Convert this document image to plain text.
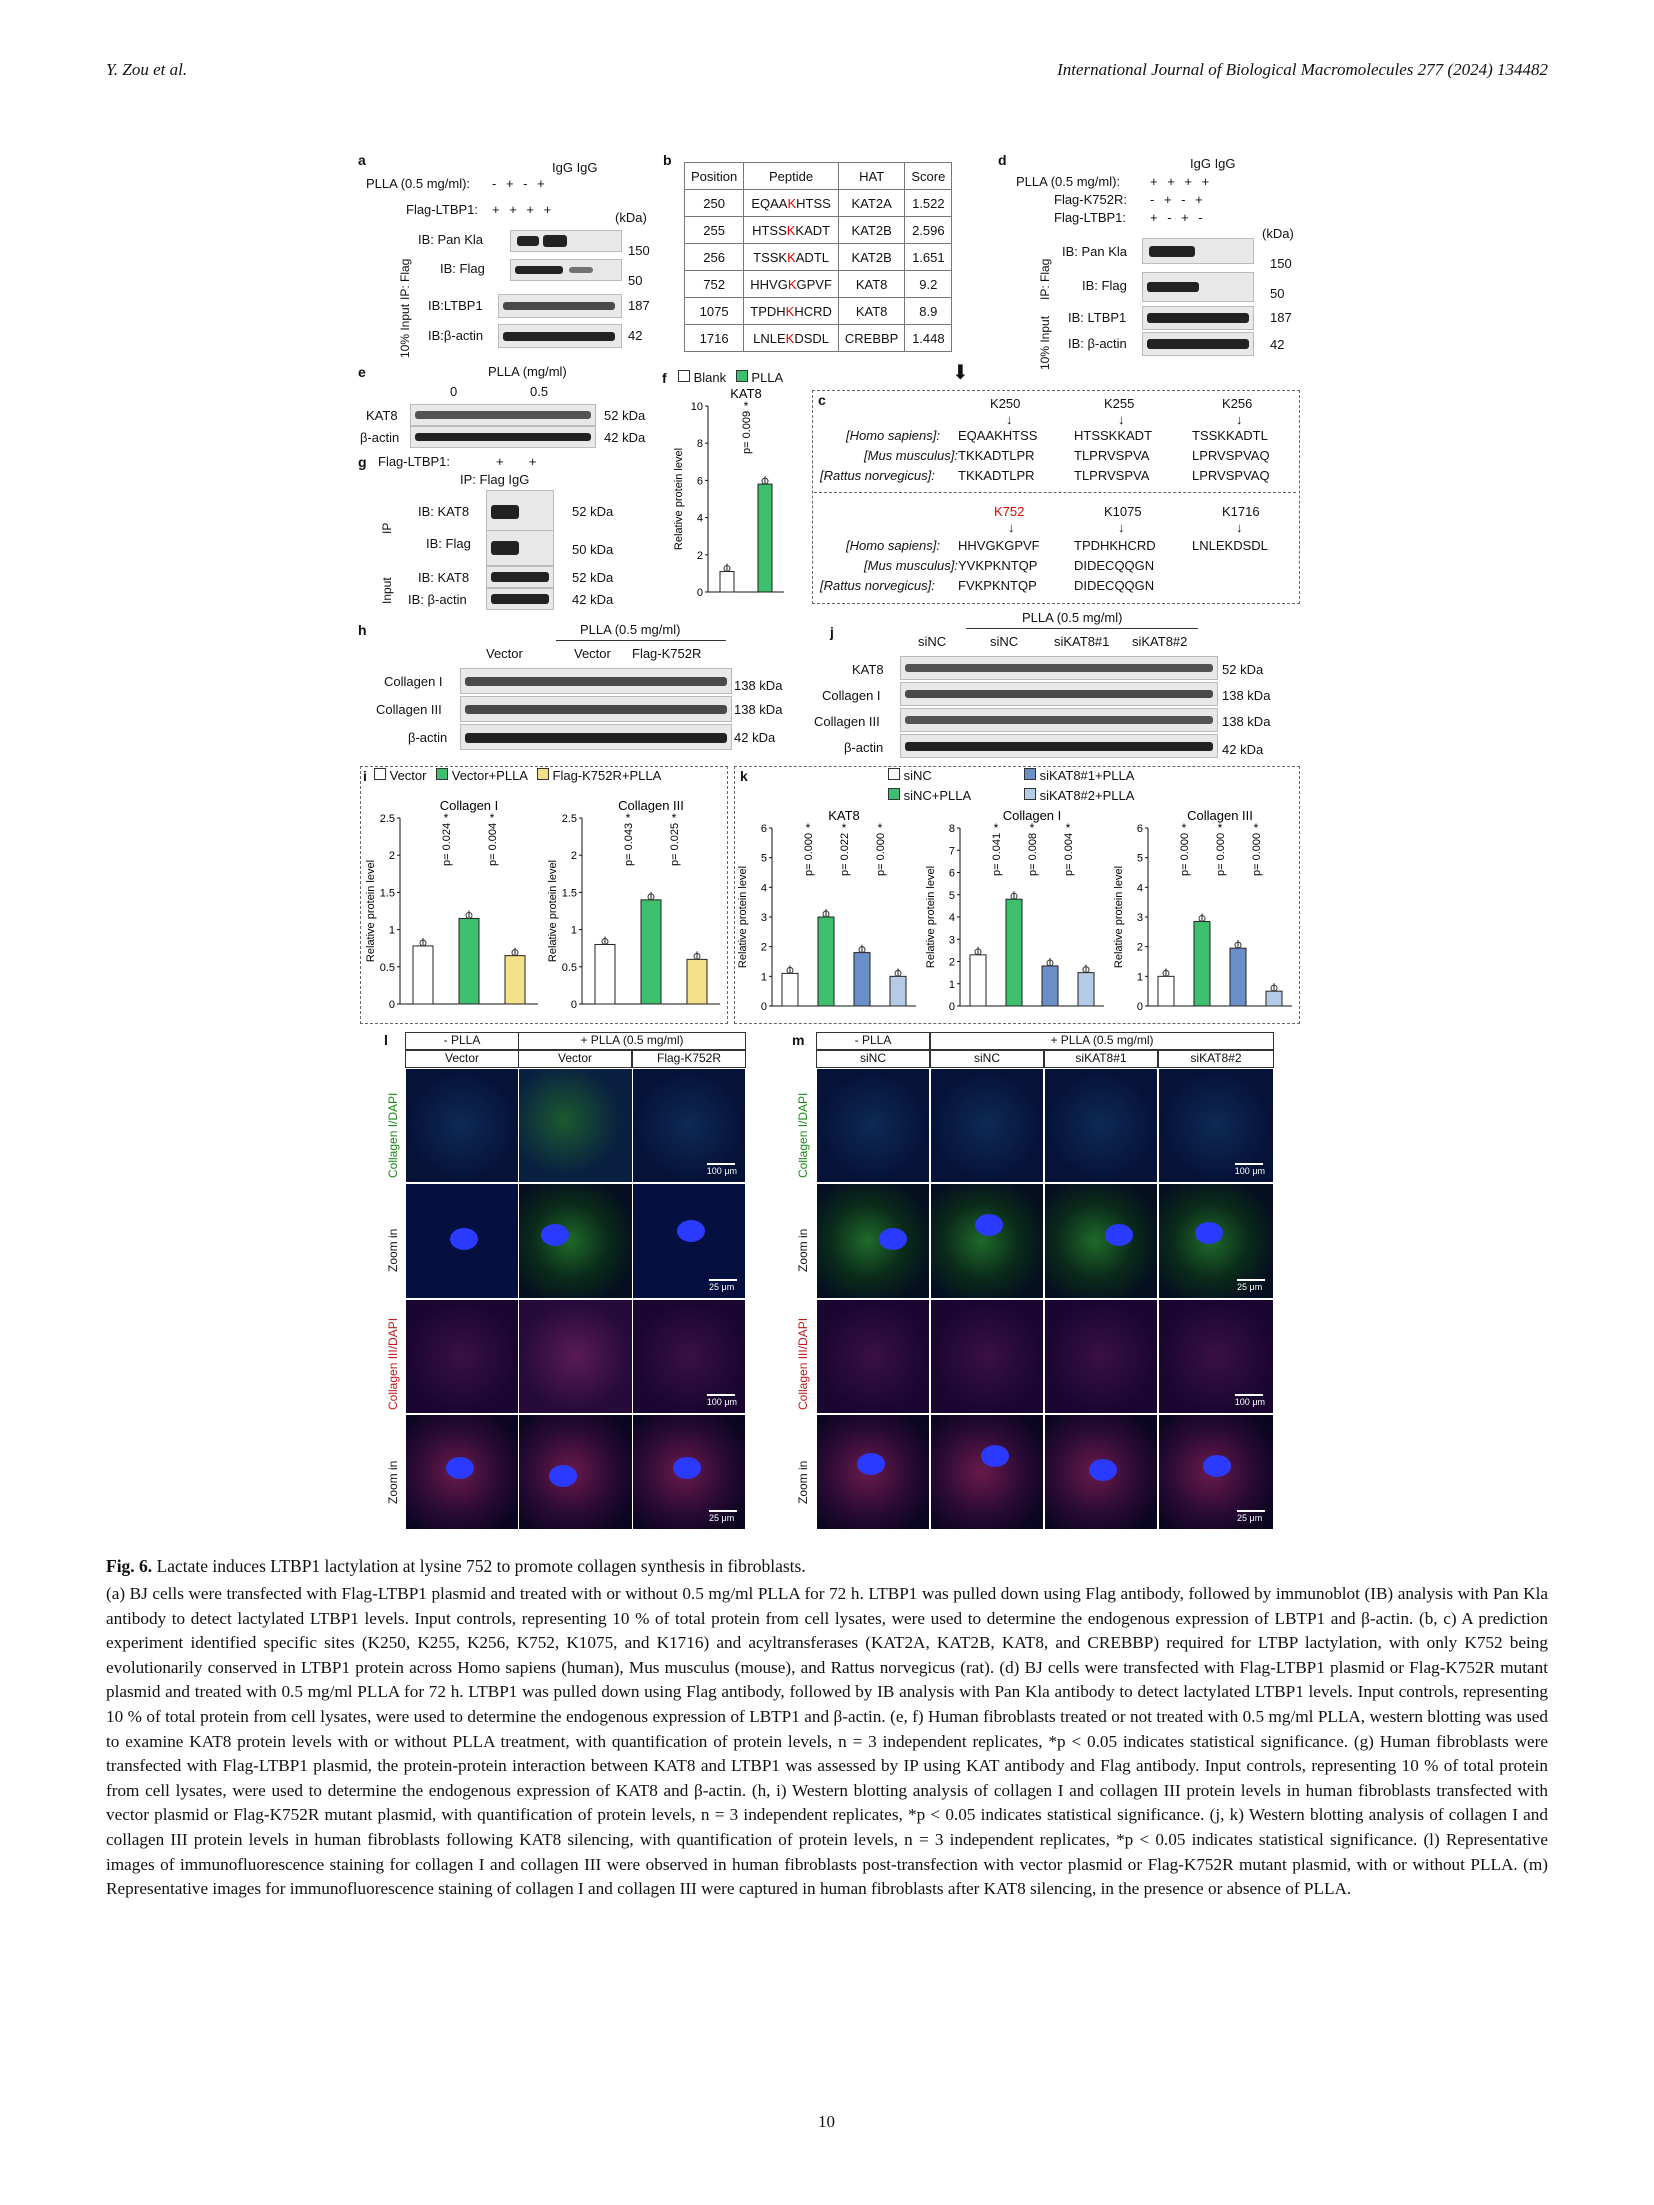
Y. Zou et al.	International Journal of Biological Macromolecules 277 (2024) 134482
a	IgG IgG
PLLA (0.5 mg/ml): - + - +
Flag-LTBP1: + + + +
(kDa)
IP: Flag
10% Input
IB: Pan Kla
150
IB: Flag
50
IB:LTBP1	187
IB:β-actin	42
b
Position	Peptide	HAT	Score
250	EQAAKHTSS	KAT2A	1.522
255	HTSSKKADT	KAT2B	2.596
256	TSSKKADTL	KAT2B	1.651
752	HHVGKGPVF	KAT8	9.2
1075	TPDHKHCRD	KAT8	8.9
1716	LNLEKDSDL	CREBBP	1.448
⬇
d	IgG IgG
PLLA (0.5 mg/ml): + + + +
Flag-K752R: - + - +
Flag-LTBP1: + - + -
(kDa)
IP: Flag
10% Input
IB: Pan Kla
150
IB: Flag
50
IB: LTBP1	187
IB: β-actin	42
e	PLLA (mg/ml)
0	0.5
KAT8	52 kDa
β-actin	42 kDa
g Flag-LTBP1:	+       +
IP: Flag IgG
IP
Input
IB: KAT8	52 kDa
IB: Flag	50 kDa
IB: KAT8	52 kDa
IB: β-actin	42 kDa
f	Blank PLLA
KAT8
Relative protein level
0
2
4
6
8
10
p= 0.009
*	c	K250	K255	K256
↓	↓	↓
[Homo sapiens]: EQAAKHTSS	HTSSKKADT	TSSKKADTL
[Mus musculus]: TKKADTLPR	TLPRVSPVA	LPRVSPVAQ
[Rattus norvegicus]: TKKADTLPR	TLPRVSPVA	LPRVSPVAQ
K752	K1075	K1716
↓	↓	↓
[Homo sapiens]: HHVGKGPVF	TPDHKHCRD	LNLEKDSDL
[Mus musculus]: YVKPKNTQP	DIDECQQGN
[Rattus norvegicus]: FVKPKNTQP	DIDECQQGN
h	PLLA (0.5 mg/ml)
Vector	Vector Flag-K752R
Collagen I	138 kDa
Collagen III	138 kDa
β-actin	42 kDa
j
PLLA (0.5 mg/ml)
siNC	siNC	siKAT8#1 siKAT8#2
KAT8	52 kDa
Collagen I	138 kDa
Collagen III	138 kDa
β-actin	42 kDa
i	Vector Vector+PLLA Flag-K752R+PLLA
Collagen I
Relative protein level
0
0.5
1
1.5
2
2.5
p= 0.024
*
p= 0.004
*
Collagen III
Relative protein level
0
0.5
1
1.5
2
2.5
p= 0.043
*
p= 0.025
*
k	siNC	siKAT8#1+PLLA
siNC+PLLA	siKAT8#2+PLLA
KAT8
Relative protein level
0
1
2
3
4
5
6
p= 0.000
*
p= 0.022
*
p= 0.000
*
Collagen I
Relative protein level
0
1
2
3
4
5
6
7
8
p= 0.041
*
p= 0.008
*
p= 0.004
*
Collagen III
Relative protein level
0
1
2
3
4
5
6
p= 0.000
*
p= 0.000
*
p= 0.000
*
l	- PLLA	+ PLLA (0.5 mg/ml)
Vector	Vector	Flag-K752R
Collagen I/DAPI
Zoom in
Collagen III/DAPI
Zoom in
100 μm
25 μm
100 μm
25 μm
m	- PLLA	+ PLLA (0.5 mg/ml)
siNC	siNC	siKAT8#1	siKAT8#2
Collagen I/DAPI
Zoom in
Collagen III/DAPI
Zoom in
100 μm
25 μm
100 μm
25 μm
Fig. 6. Lactate induces LTBP1 lactylation at lysine 752 to promote collagen synthesis in fibroblasts.
(a) BJ cells were transfected with Flag-LTBP1 plasmid and treated with or without 0.5 mg/ml PLLA for 72 h. LTBP1 was pulled down using Flag antibody, followed by immunoblot (IB) analysis with Pan Kla antibody to detect lactylated LTBP1 levels. Input controls, representing 10 % of total protein from cell lysates, were used to determine the endogenous expression of LBTP1 and β-actin. (b, c) A prediction experiment identified specific sites (K250, K255, K256, K752, K1075, and K1716) and acyltransferases (KAT2A, KAT2B, KAT8, and CREBBP) required for LTBP lactylation, with only K752 being evolutionarily conserved in LTBP1 protein across Homo sapiens (human), Mus musculus (mouse), and Rattus norvegicus (rat). (d) BJ cells were transfected with Flag-LTBP1 plasmid or Flag-K752R mutant plasmid and treated with 0.5 mg/ml PLLA for 72 h. LTBP1 was pulled down using Flag antibody, followed by IB analysis with Pan Kla antibody to detect lactylated LTBP1 levels. Input controls, representing 10 % of total protein from cell lysates, were used to determine the endogenous expression of LBTP1 and β-actin. (e, f) Human fibroblasts treated or not treated with 0.5 mg/ml PLLA, western blotting was used to examine KAT8 protein levels with or without PLLA treatment, with quantification of protein levels, n = 3 independent replicates, *p < 0.05 indicates statistical significance. (g) Human fibroblasts were transfected with Flag-LTBP1 plasmid, the protein-protein interaction between KAT8 and LTBP1 was assessed by IP using KAT antibody and Flag antibody. Input controls, representing 10 % of total protein from cell lysates, were used to determine the endogenous expression of KAT8 and β-actin. (h, i) Western blotting analysis of collagen I and collagen III protein levels in human fibroblasts transfected with vector plasmid or Flag-K752R mutant plasmid, with quantification of protein levels, n = 3 independent replicates, *p < 0.05 indicates statistical significance. (j, k) Western blotting analysis of collagen I and collagen III protein levels in human fibroblasts following KAT8 silencing, with quantification of protein levels, n = 3 independent replicates, *p < 0.05 indicates statistical significance. (l) Representative images of immunofluorescence staining for collagen I and collagen III were observed in human fibroblasts post-transfection with vector plasmid or Flag-K752R mutant plasmid, with or without PLLA. (m) Representative images for immunofluorescence staining of collagen I and collagen III were captured in human fibroblasts after KAT8 silencing, in the presence or absence of PLLA.
10
